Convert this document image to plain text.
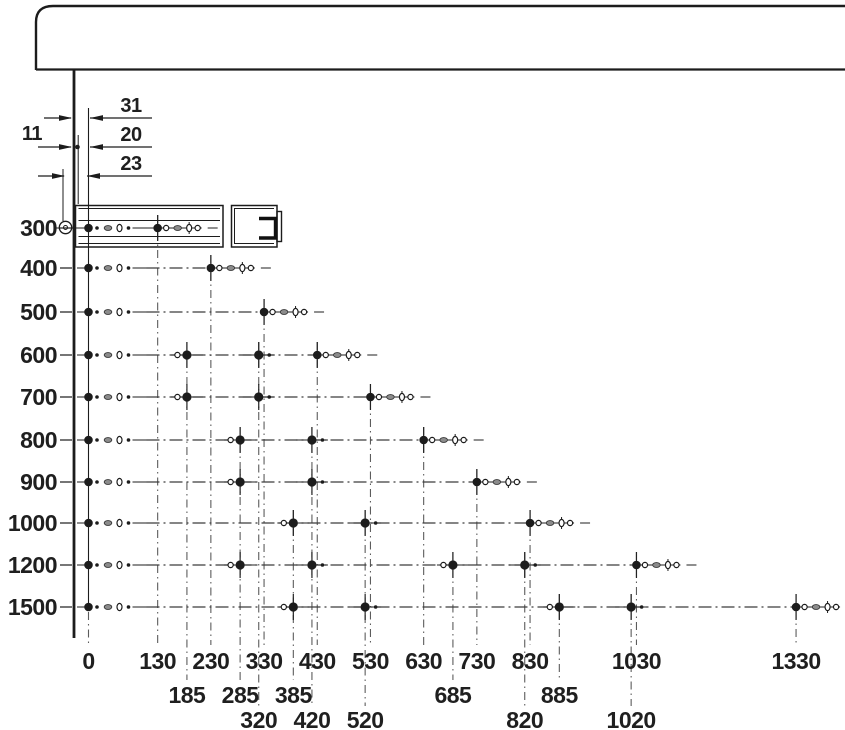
300
400
500
600
700
800
900
1000
1200
1500
0 130 230 330 430 530 630 730 830	1030	1330
185 285 385	685	885
320 420 520	820	1020
31
20
23
11
